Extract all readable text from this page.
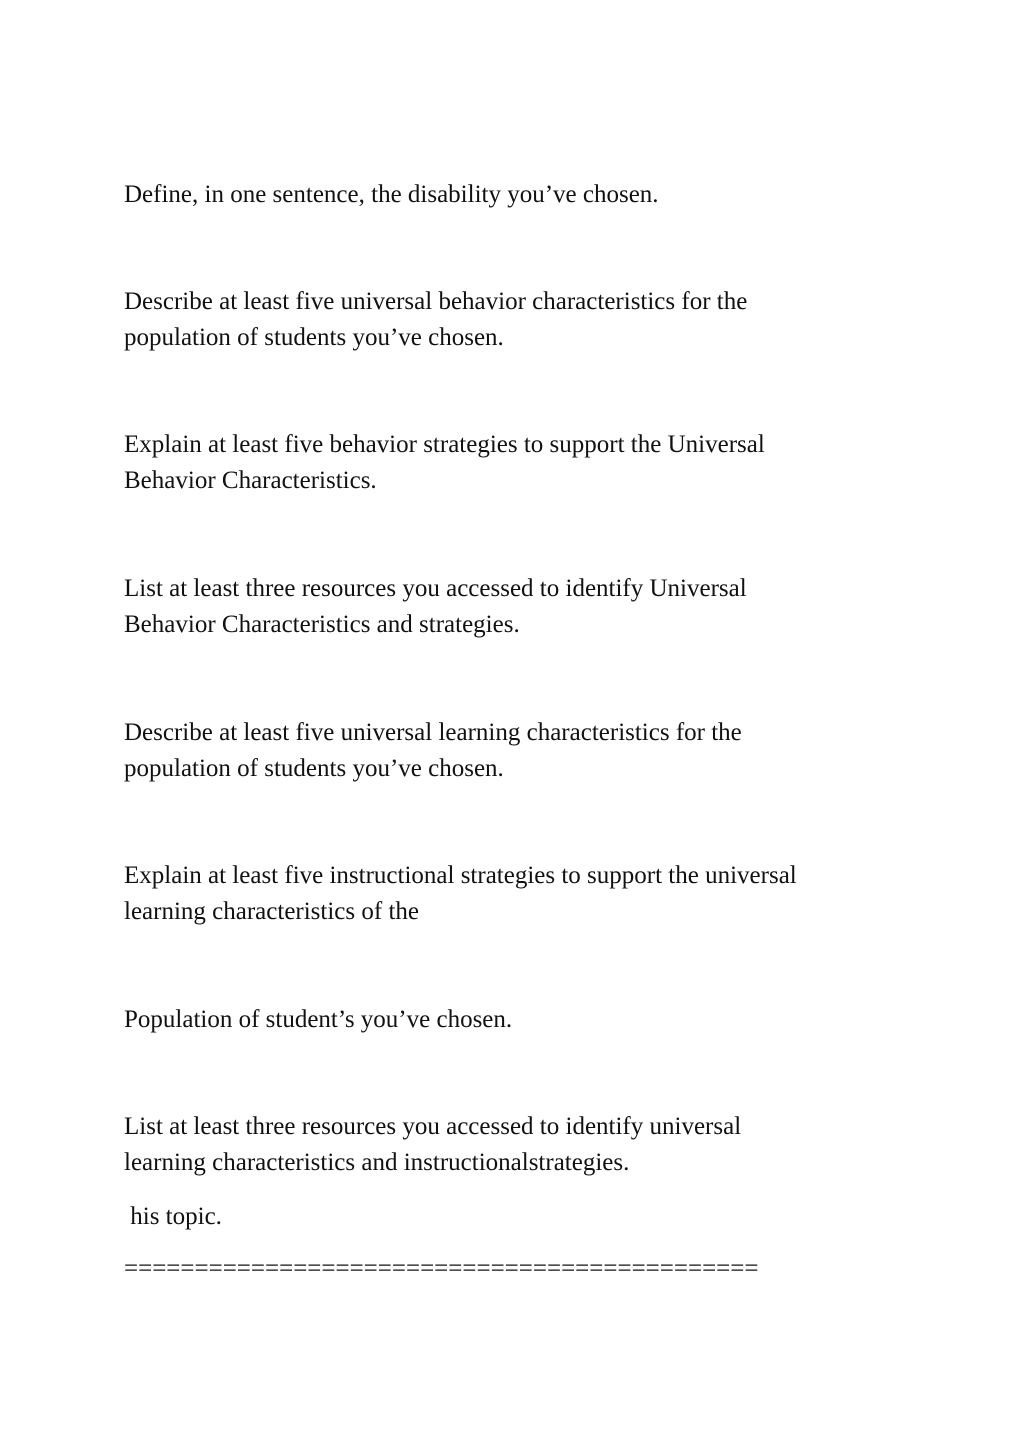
Define, in one sentence, the disability you’ve chosen.
Describe at least five universal behavior characteristics for the
population of students you’ve chosen.
Explain at least five behavior strategies to support the Universal
Behavior Characteristics.
List at least three resources you accessed to identify Universal
Behavior Characteristics and strategies.
Describe at least five universal learning characteristics for the
population of students you’ve chosen.
Explain at least five instructional strategies to support the universal
learning characteristics of the
Population of student’s you’ve chosen.
List at least three resources you accessed to identify universal
learning characteristics and instructionalstrategies.
his topic.
=============================================
